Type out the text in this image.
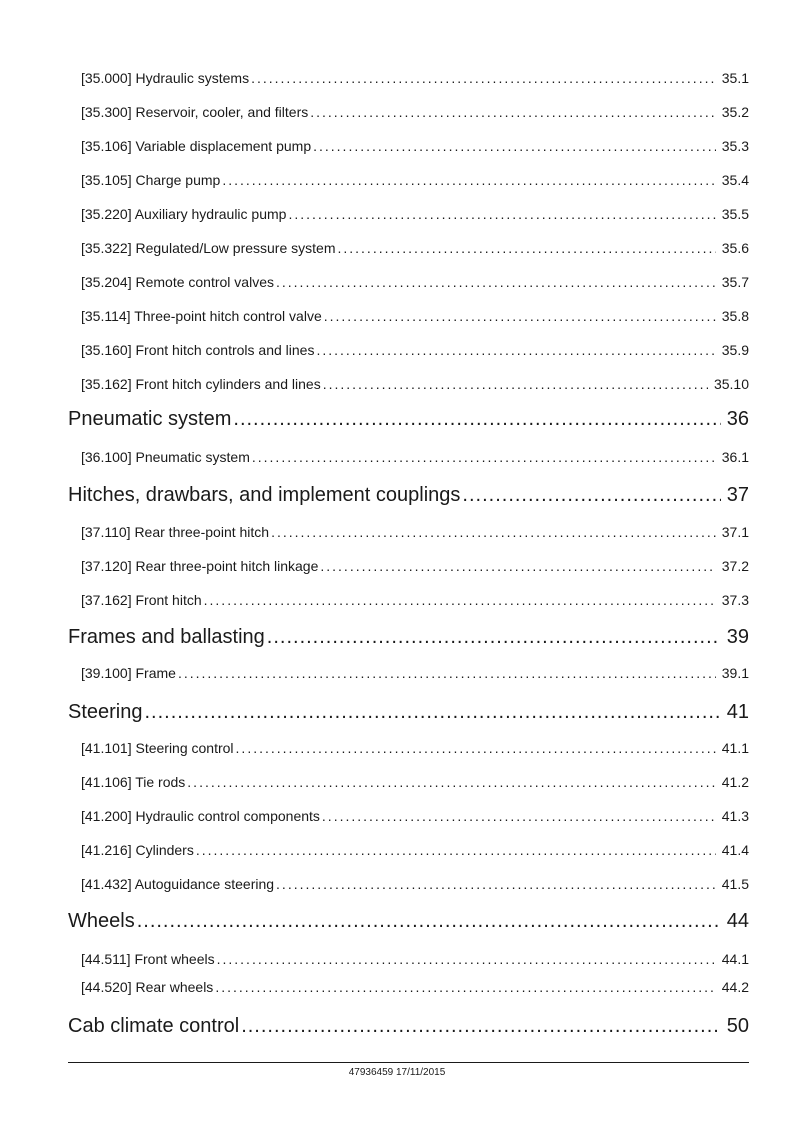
[35.000] Hydraulic systems .....	35.1
[35.300] Reservoir, cooler, and filters .....	35.2
[35.106] Variable displacement pump .....	35.3
[35.105] Charge pump .....	35.4
[35.220] Auxiliary hydraulic pump .....	35.5
[35.322] Regulated/Low pressure system .....	35.6
[35.204] Remote control valves .....	35.7
[35.114] Three-point hitch control valve .....	35.8
[35.160] Front hitch controls and lines .....	35.9
[35.162] Front hitch cylinders and lines .....	35.10
Pneumatic system .....	36
[36.100] Pneumatic system .....	36.1
Hitches, drawbars, and implement couplings .....	37
[37.110] Rear three-point hitch .....	37.1
[37.120] Rear three-point hitch linkage .....	37.2
[37.162] Front hitch .....	37.3
Frames and ballasting .....	39
[39.100] Frame .....	39.1
Steering .....	41
[41.101] Steering control .....	41.1
[41.106] Tie rods .....	41.2
[41.200] Hydraulic control components .....	41.3
[41.216] Cylinders .....	41.4
[41.432] Autoguidance steering .....	41.5
Wheels .....	44
[44.511] Front wheels .....	44.1
[44.520] Rear wheels .....	44.2
Cab climate control .....	50
47936459 17/11/2015
